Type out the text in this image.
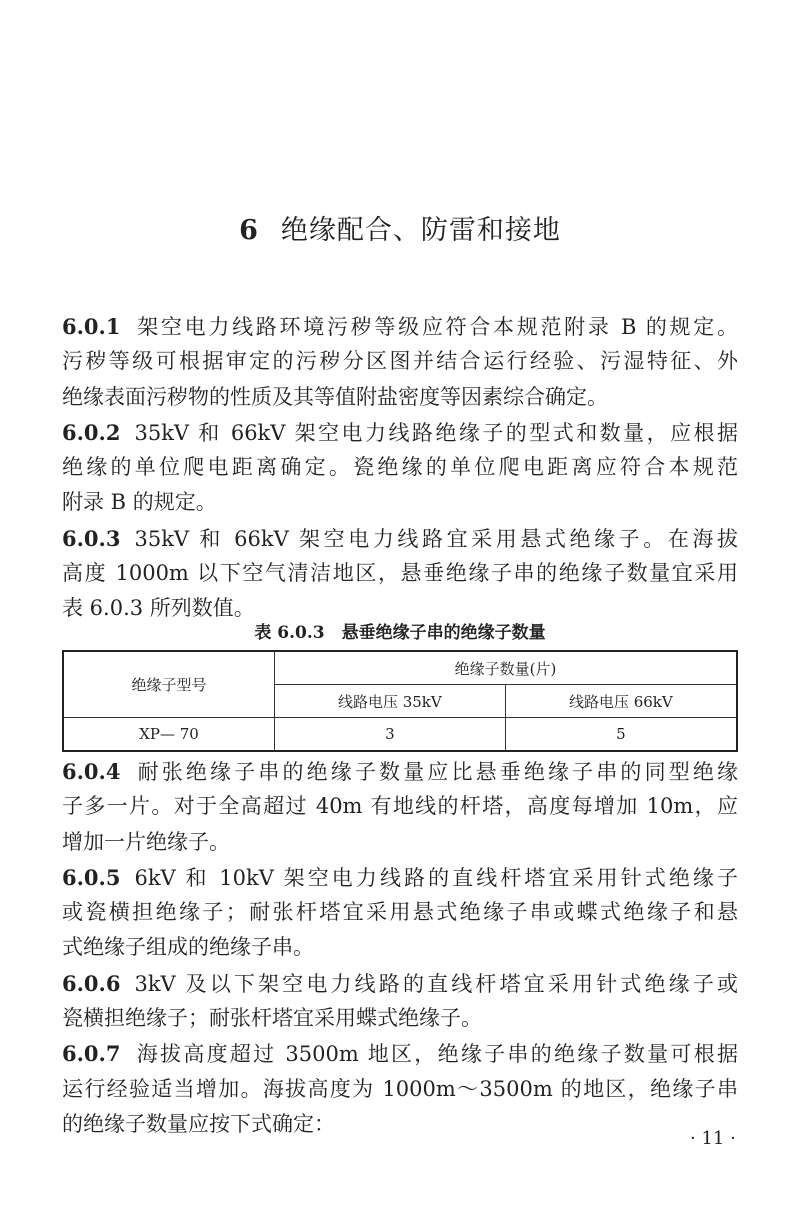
6 绝缘配合、防雷和接地
6.0.1 架空电力线路环境污秽等级应符合本规范附录 B 的规定。
污秽等级可根据审定的污秽分区图并结合运行经验、污湿特征、外
绝缘表面污秽物的性质及其等值附盐密度等因素综合确定。
6.0.2 35kV 和 66kV 架空电力线路绝缘子的型式和数量，应根据
绝缘的单位爬电距离确定。瓷绝缘的单位爬电距离应符合本规范
附录 B 的规定。
6.0.3 35kV 和 66kV 架空电力线路宜采用悬式绝缘子。在海拔
高度 1000m 以下空气清洁地区，悬垂绝缘子串的绝缘子数量宜采用
表 6.0.3 所列数值。
表 6.0.3　悬垂绝缘子串的绝缘子数量
绝缘子型号	绝缘子数量(片)	
	线路电压 35kV	线路电压 66kV
XP— 70	3	5
6.0.4 耐张绝缘子串的绝缘子数量应比悬垂绝缘子串的同型绝缘
子多一片。对于全高超过 40m 有地线的杆塔，高度每增加 10m，应
增加一片绝缘子。
6.0.5 6kV 和 10kV 架空电力线路的直线杆塔宜采用针式绝缘子
或瓷横担绝缘子；耐张杆塔宜采用悬式绝缘子串或蝶式绝缘子和悬
式绝缘子组成的绝缘子串。
6.0.6 3kV 及以下架空电力线路的直线杆塔宜采用针式绝缘子或
瓷横担绝缘子；耐张杆塔宜采用蝶式绝缘子。
6.0.7 海拔高度超过 3500m 地区，绝缘子串的绝缘子数量可根据
运行经验适当增加。海拔高度为 1000m～3500m 的地区，绝缘子串
的绝缘子数量应按下式确定：
· 11 ·
